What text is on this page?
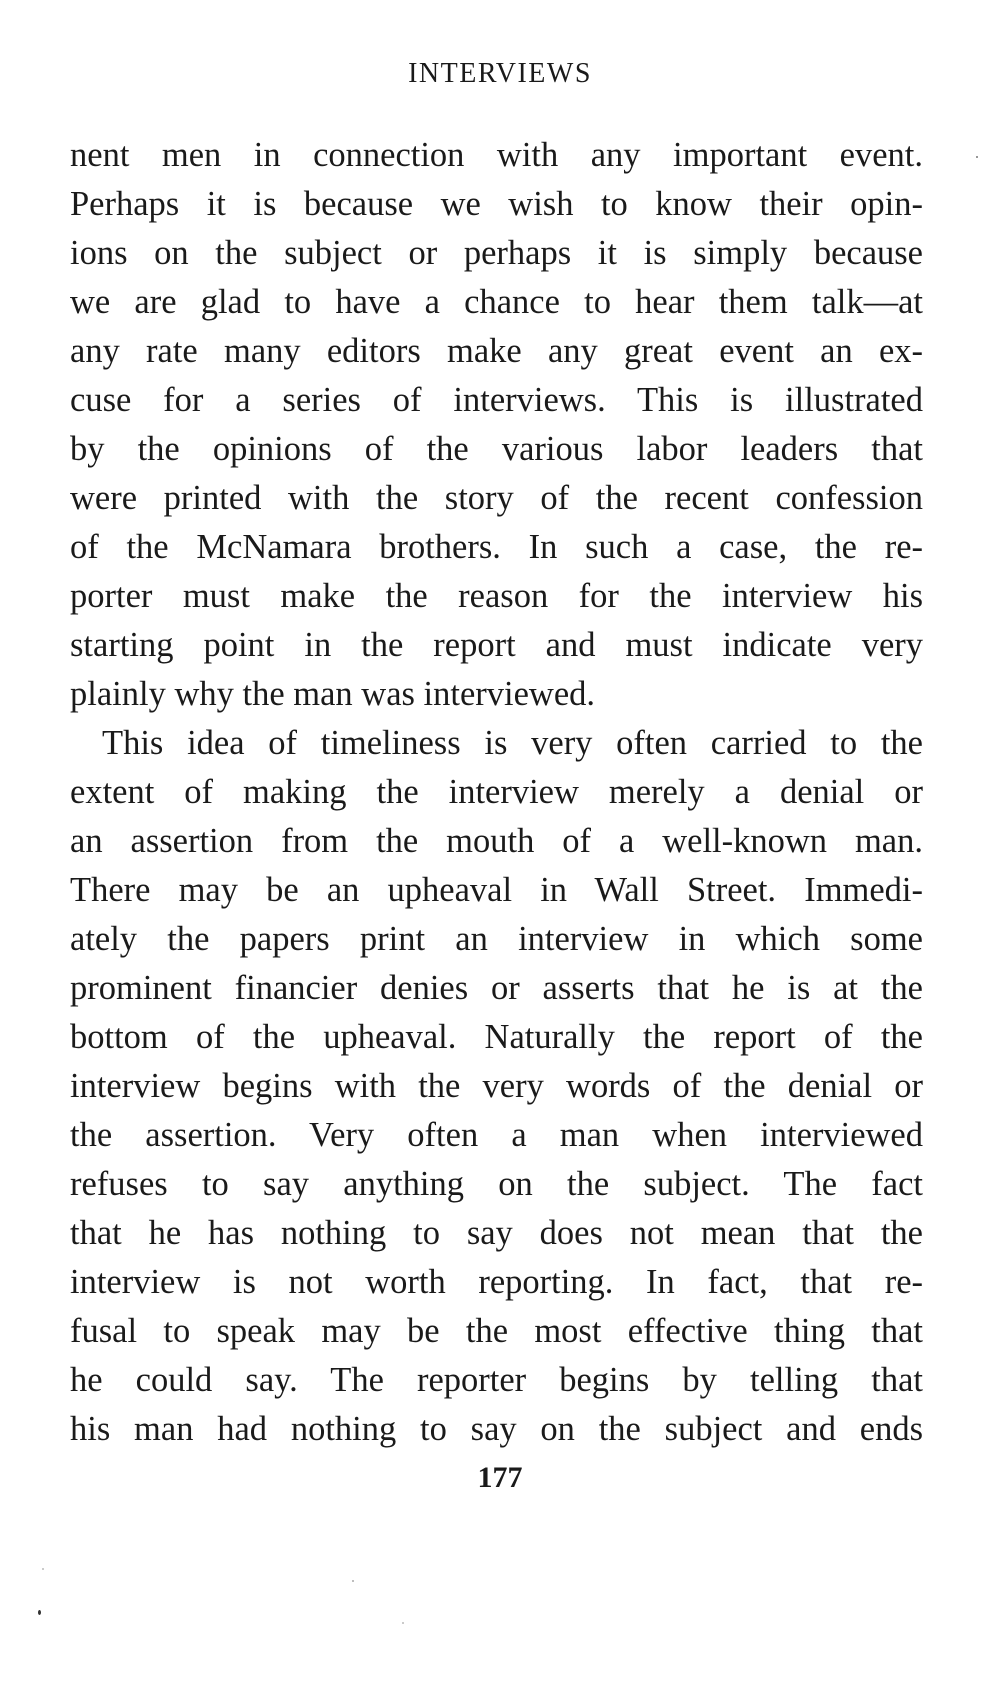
INTERVIEWS
nent men in connection with any important event.
Perhaps it is because we wish to know their opin-
ions on the subject or perhaps it is simply because
we are glad to have a chance to hear them talk—at
any rate many editors make any great event an ex-
cuse for a series of interviews. This is illustrated
by the opinions of the various labor leaders that
were printed with the story of the recent confession
of the McNamara brothers. In such a case, the re-
porter must make the reason for the interview his
starting point in the report and must indicate very
plainly why the man was interviewed.
This idea of timeliness is very often carried to the
extent of making the interview merely a denial or
an assertion from the mouth of a well-known man.
There may be an upheaval in Wall Street. Immedi-
ately the papers print an interview in which some
prominent financier denies or asserts that he is at the
bottom of the upheaval. Naturally the report of the
interview begins with the very words of the denial or
the assertion. Very often a man when interviewed
refuses to say anything on the subject. The fact
that he has nothing to say does not mean that the
interview is not worth reporting. In fact, that re-
fusal to speak may be the most effective thing that
he could say. The reporter begins by telling that
his man had nothing to say on the subject and ends
177
